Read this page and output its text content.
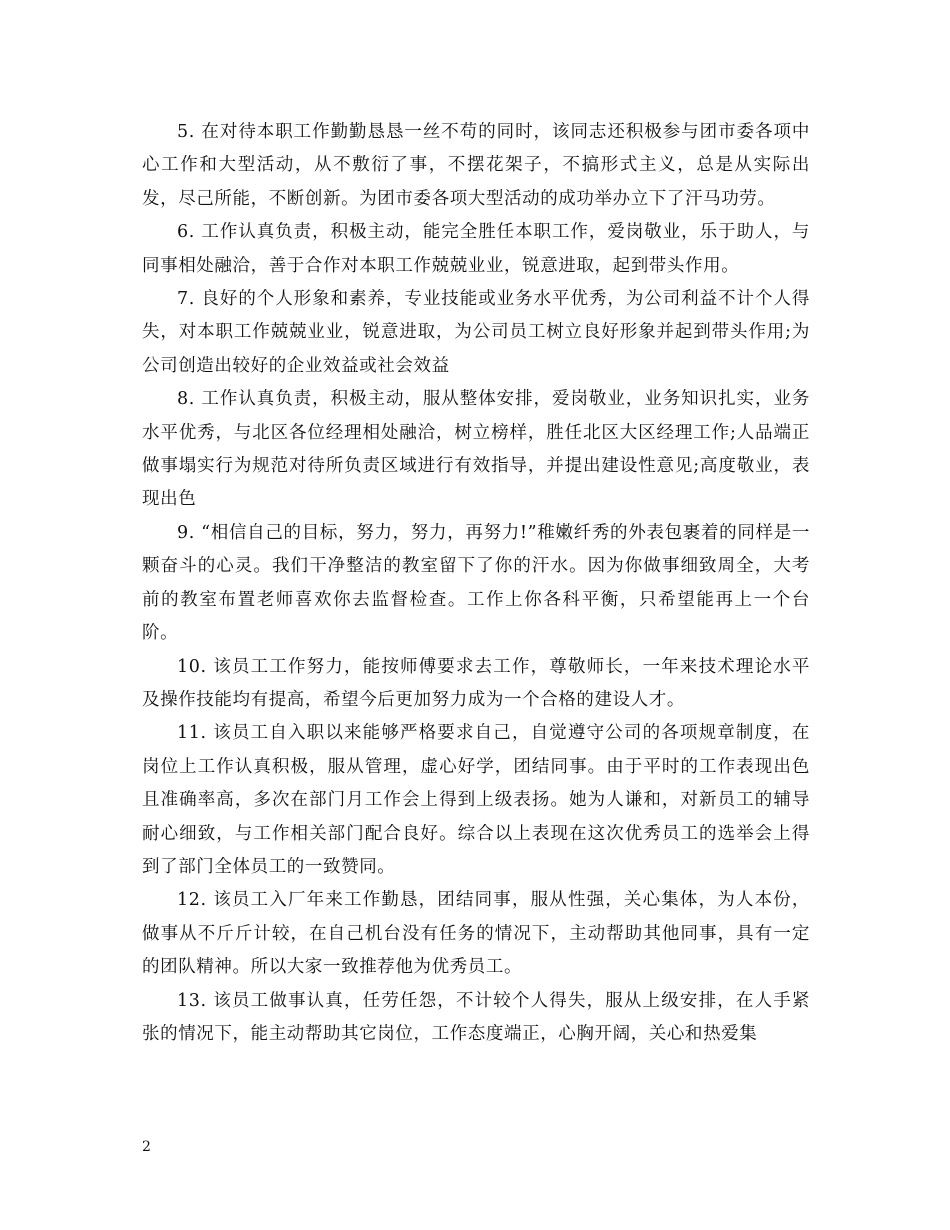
5. 在对待本职工作勤勤恳恳一丝不苟的同时，该同志还积极参与团市委各项中心工作和大型活动，从不敷衍了事，不摆花架子，不搞形式主义，总是从实际出发，尽己所能，不断创新。为团市委各项大型活动的成功举办立下了汗马功劳。

6. 工作认真负责，积极主动，能完全胜任本职工作，爱岗敬业，乐于助人，与同事相处融洽，善于合作对本职工作兢兢业业，锐意进取，起到带头作用。

7. 良好的个人形象和素养，专业技能或业务水平优秀，为公司利益不计个人得失，对本职工作兢兢业业，锐意进取，为公司员工树立良好形象并起到带头作用;为公司创造出较好的企业效益或社会效益

8. 工作认真负责，积极主动，服从整体安排，爱岗敬业，业务知识扎实，业务水平优秀，与北区各位经理相处融洽，树立榜样，胜任北区大区经理工作;人品端正做事塌实行为规范对待所负责区域进行有效指导，并提出建设性意见;高度敬业，表现出色

9. “相信自己的目标，努力，努力，再努力!”稚嫩纤秀的外表包裹着的同样是一颗奋斗的心灵。我们干净整洁的教室留下了你的汗水。因为你做事细致周全，大考前的教室布置老师喜欢你去监督检查。工作上你各科平衡，只希望能再上一个台阶。

10. 该员工工作努力，能按师傅要求去工作，尊敬师长，一年来技术理论水平及操作技能均有提高，希望今后更加努力成为一个合格的建设人才。

11. 该员工自入职以来能够严格要求自己，自觉遵守公司的各项规章制度，在岗位上工作认真积极，服从管理，虚心好学，团结同事。由于平时的工作表现出色且准确率高，多次在部门月工作会上得到上级表扬。她为人谦和，对新员工的辅导耐心细致，与工作相关部门配合良好。综合以上表现在这次优秀员工的选举会上得到了部门全体员工的一致赞同。

12. 该员工入厂年来工作勤恳，团结同事，服从性强，关心集体，为人本份，做事从不斤斤计较，在自己机台没有任务的情况下，主动帮助其他同事，具有一定的团队精神。所以大家一致推荐他为优秀员工。

13. 该员工做事认真，任劳任怨，不计较个人得失，服从上级安排，在人手紧张的情况下，能主动帮助其它岗位，工作态度端正，心胸开阔，关心和热爱集

2
